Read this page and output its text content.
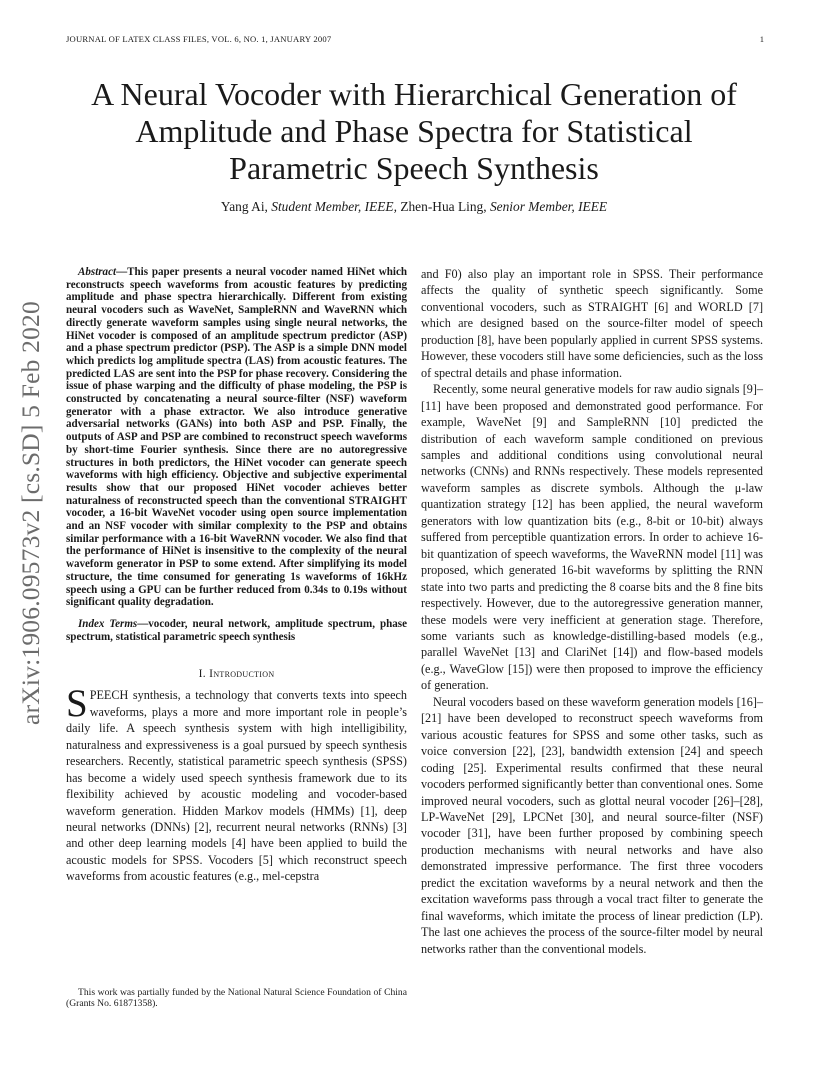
JOURNAL OF LATEX CLASS FILES, VOL. 6, NO. 1, JANUARY 2007	1
arXiv:1906.09573v2 [cs.SD] 5 Feb 2020
A Neural Vocoder with Hierarchical Generation of Amplitude and Phase Spectra for Statistical Parametric Speech Synthesis
Yang Ai, Student Member, IEEE, Zhen-Hua Ling, Senior Member, IEEE

Abstract—This paper presents a neural vocoder named HiNet which reconstructs speech waveforms from acoustic features by predicting amplitude and phase spectra hierarchically. Different from existing neural vocoders such as WaveNet, SampleRNN and WaveRNN which directly generate waveform samples using single neural networks, the HiNet vocoder is composed of an amplitude spectrum predictor (ASP) and a phase spectrum predictor (PSP). The ASP is a simple DNN model which predicts log amplitude spectra (LAS) from acoustic features. The predicted LAS are sent into the PSP for phase recovery. Considering the issue of phase warping and the difficulty of phase modeling, the PSP is constructed by concatenating a neural source-filter (NSF) waveform generator with a phase extractor. We also introduce generative adversarial networks (GANs) into both ASP and PSP. Finally, the outputs of ASP and PSP are combined to reconstruct speech waveforms by short-time Fourier synthesis. Since there are no autoregressive structures in both predictors, the HiNet vocoder can generate speech waveforms with high efficiency. Objective and subjective experimental results show that our proposed HiNet vocoder achieves better naturalness of reconstructed speech than the conventional STRAIGHT vocoder, a 16-bit WaveNet vocoder using open source implementation and an NSF vocoder with similar complexity to the PSP and obtains similar performance with a 16-bit WaveRNN vocoder. We also find that the performance of HiNet is insensitive to the complexity of the neural waveform generator in PSP to some extend. After simplifying its model structure, the time consumed for generating 1s waveforms of 16kHz speech using a GPU can be further reduced from 0.34s to 0.19s without significant quality degradation.

Index Terms—vocoder, neural network, amplitude spectrum, phase spectrum, statistical parametric speech synthesis

I. Introduction

SPEECH synthesis, a technology that converts texts into speech waveforms, plays a more and more important role in people’s daily life. A speech synthesis system with high intelligibility, naturalness and expressiveness is a goal pursued by speech synthesis researchers. Recently, statistical parametric speech synthesis (SPSS) has become a widely used speech synthesis framework due to its flexibility achieved by acoustic modeling and vocoder-based waveform generation. Hidden Markov models (HMMs) [1], deep neural networks (DNNs) [2], recurrent neural networks (RNNs) [3] and other deep learning models [4] have been applied to build the acoustic models for SPSS. Vocoders [5] which reconstruct speech waveforms from acoustic features (e.g., mel-cepstra

This work was partially funded by the National Natural Science Foundation of China (Grants No. 61871358).

and F0) also play an important role in SPSS. Their performance affects the quality of synthetic speech significantly. Some conventional vocoders, such as STRAIGHT [6] and WORLD [7] which are designed based on the source-filter model of speech production [8], have been popularly applied in current SPSS systems. However, these vocoders still have some deficiencies, such as the loss of spectral details and phase information.

Recently, some neural generative models for raw audio signals [9]–[11] have been proposed and demonstrated good performance. For example, WaveNet [9] and SampleRNN [10] predicted the distribution of each waveform sample conditioned on previous samples and additional conditions using convolutional neural networks (CNNs) and RNNs respectively. These models represented waveform samples as discrete symbols. Although the μ-law quantization strategy [12] has been applied, the neural waveform generators with low quantization bits (e.g., 8-bit or 10-bit) always suffered from perceptible quantization errors. In order to achieve 16-bit quantization of speech waveforms, the WaveRNN model [11] was proposed, which generated 16-bit waveforms by splitting the RNN state into two parts and predicting the 8 coarse bits and the 8 fine bits respectively. However, due to the autoregressive generation manner, these models were very inefficient at generation stage. Therefore, some variants such as knowledge-distilling-based models (e.g., parallel WaveNet [13] and ClariNet [14]) and flow-based models (e.g., WaveGlow [15]) were then proposed to improve the efficiency of generation.

Neural vocoders based on these waveform generation models [16]–[21] have been developed to reconstruct speech waveforms from various acoustic features for SPSS and some other tasks, such as voice conversion [22], [23], bandwidth extension [24] and speech coding [25]. Experimental results confirmed that these neural vocoders performed significantly better than conventional ones. Some improved neural vocoders, such as glottal neural vocoder [26]–[28], LP-WaveNet [29], LPCNet [30], and neural source-filter (NSF) vocoder [31], have been further proposed by combining speech production mechanisms with neural networks and have also demonstrated impressive performance. The first three vocoders predict the excitation waveforms by a neural network and then the excitation waveforms pass through a vocal tract filter to generate the final waveforms, which imitate the process of linear prediction (LP). The last one achieves the process of the source-filter model by neural networks rather than the conventional models.
